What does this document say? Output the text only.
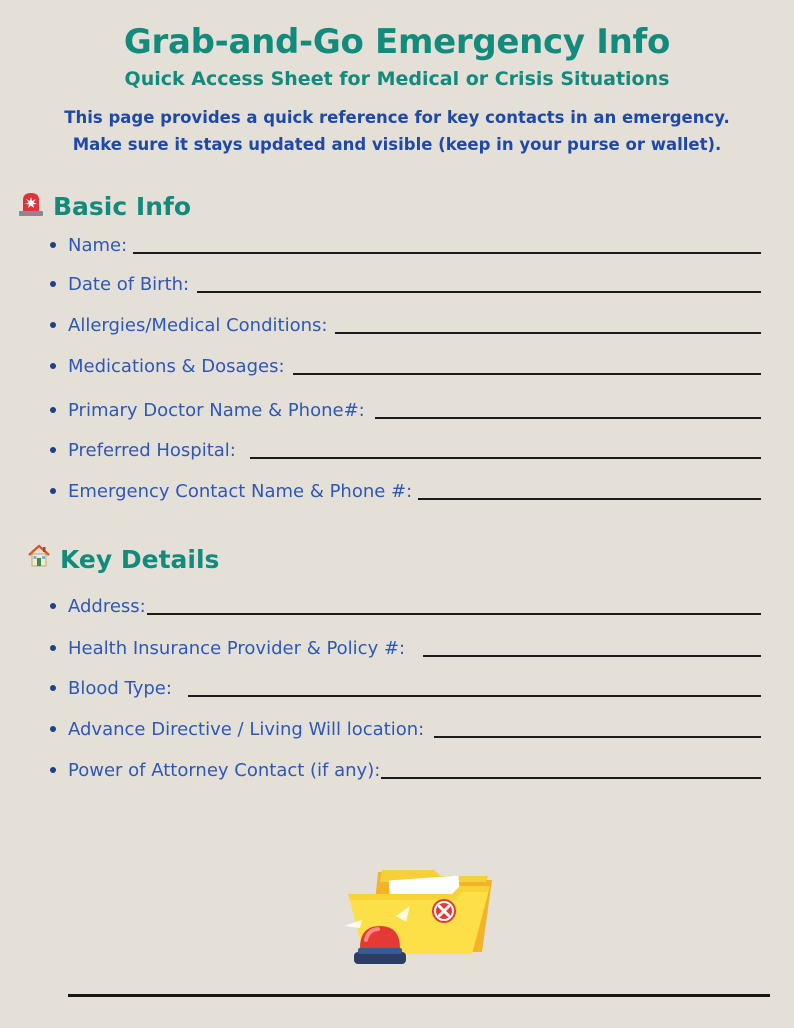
Grab-and-Go Emergency Info
Quick Access Sheet for Medical or Crisis Situations
This page provides a quick reference for key contacts in an emergency.
Make sure it stays updated and visible (keep in your purse or wallet).
Basic Info
Name:
Date of Birth:
Allergies/Medical Conditions:
Medications & Dosages:
Primary Doctor Name & Phone#:
Preferred Hospital:
Emergency Contact Name & Phone #:
Key Details
Address:
Health Insurance Provider & Policy #:
Blood Type:
Advance Directive / Living Will location:
Power of Attorney Contact (if any):
